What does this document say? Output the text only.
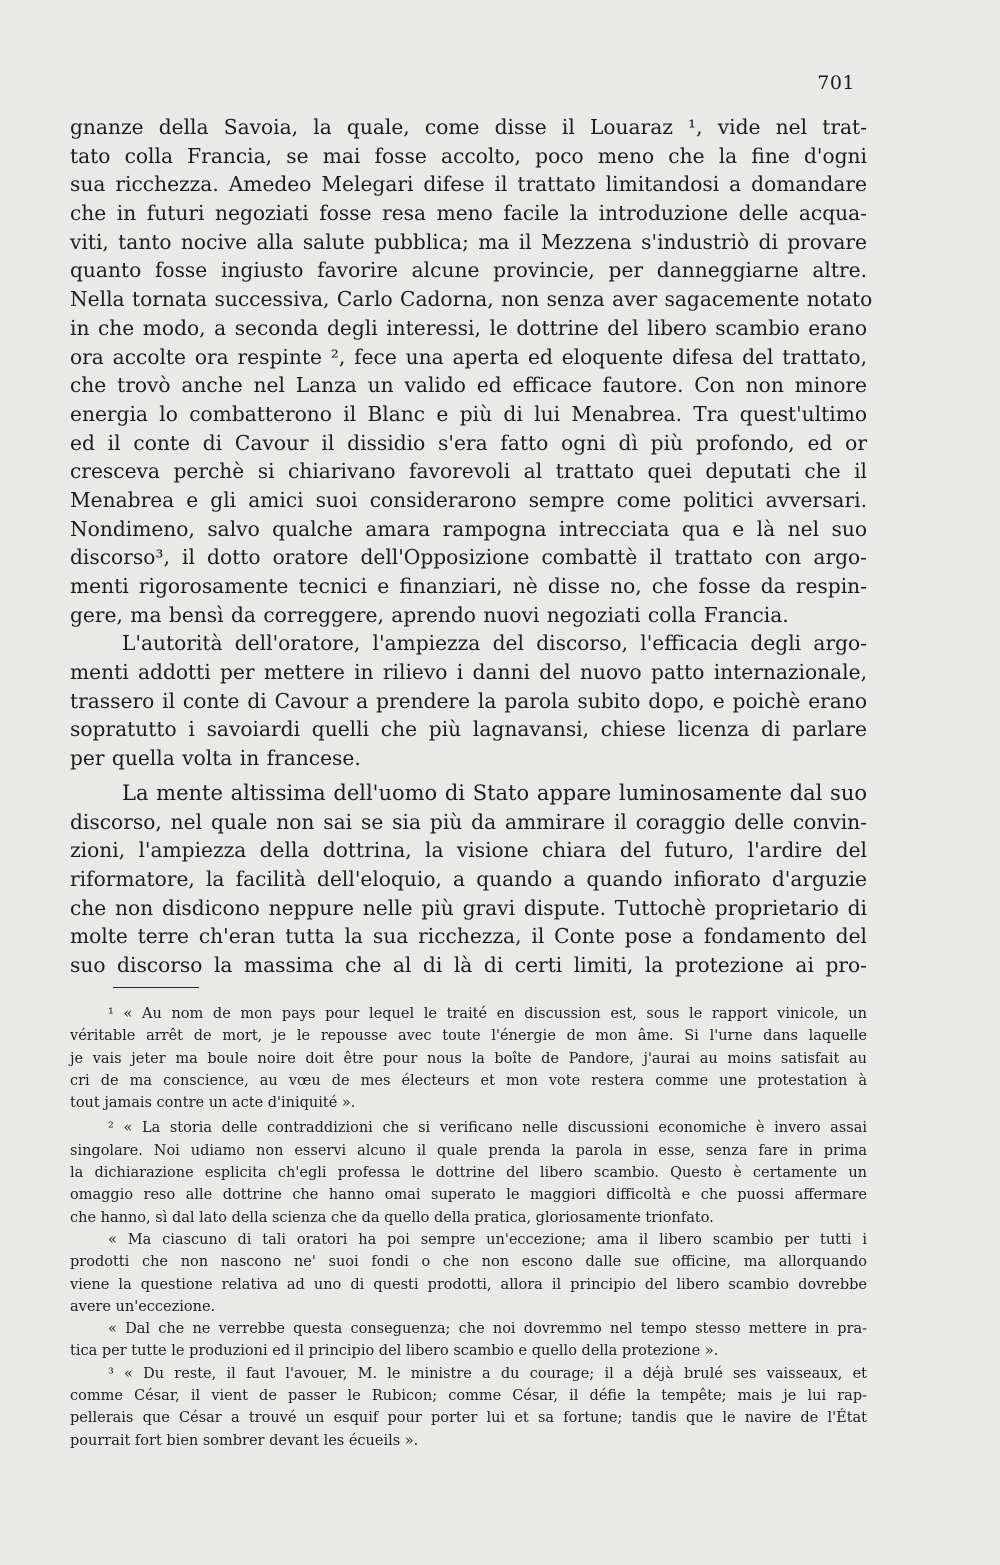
701
gnanze della Savoia, la quale, come disse il Louaraz ¹, vide nel trat-
tato colla Francia, se mai fosse accolto, poco meno che la fine d'ogni
sua ricchezza. Amedeo Melegari difese il trattato limitandosi a domandare
che in futuri negoziati fosse resa meno facile la introduzione delle acqua-
viti, tanto nocive alla salute pubblica; ma il Mezzena s'industriò di provare
quanto fosse ingiusto favorire alcune provincie, per danneggiarne altre.
Nella tornata successiva, Carlo Cadorna, non senza aver sagacemente notato
in che modo, a seconda degli interessi, le dottrine del libero scambio erano
ora accolte ora respinte ², fece una aperta ed eloquente difesa del trattato,
che trovò anche nel Lanza un valido ed efficace fautore. Con non minore
energia lo combatterono il Blanc e più di lui Menabrea. Tra quest'ultimo
ed il conte di Cavour il dissidio s'era fatto ogni dì più profondo, ed or
cresceva perchè si chiarivano favorevoli al trattato quei deputati che il
Menabrea e gli amici suoi considerarono sempre come politici avversari.
Nondimeno, salvo qualche amara rampogna intrecciata qua e là nel suo
discorso³, il dotto oratore dell'Opposizione combattè il trattato con argo-
menti rigorosamente tecnici e finanziari, nè disse no, che fosse da respin-
gere, ma bensì da correggere, aprendo nuovi negoziati colla Francia.
L'autorità dell'oratore, l'ampiezza del discorso, l'efficacia degli argo-
menti addotti per mettere in rilievo i danni del nuovo patto internazionale,
trassero il conte di Cavour a prendere la parola subito dopo, e poichè erano
sopratutto i savoiardi quelli che più lagnavansi, chiese licenza di parlare
per quella volta in francese.
La mente altissima dell'uomo di Stato appare luminosamente dal suo
discorso, nel quale non sai se sia più da ammirare il coraggio delle convin-
zioni, l'ampiezza della dottrina, la visione chiara del futuro, l'ardire del
riformatore, la facilità dell'eloquio, a quando a quando infiorato d'arguzie
che non disdicono neppure nelle più gravi dispute. Tuttochè proprietario di
molte terre ch'eran tutta la sua ricchezza, il Conte pose a fondamento del
suo discorso la massima che al di là di certi limiti, la protezione ai pro-
¹ « Au nom de mon pays pour lequel le traité en discussion est, sous le rapport vinicole, un
véritable arrêt de mort, je le repousse avec toute l'énergie de mon âme. Si l'urne dans laquelle
je vais jeter ma boule noire doit être pour nous la boîte de Pandore, j'aurai au moins satisfait au
cri de ma conscience, au vœu de mes électeurs et mon vote restera comme une protestation à
tout jamais contre un acte d'iniquité ».
² « La storia delle contraddizioni che si verificano nelle discussioni economiche è invero assai
singolare. Noi udiamo non esservi alcuno il quale prenda la parola in esse, senza fare in prima
la dichiarazione esplicita ch'egli professa le dottrine del libero scambio. Questo è certamente un
omaggio reso alle dottrine che hanno omai superato le maggiori difficoltà e che puossi affermare
che hanno, sì dal lato della scienza che da quello della pratica, gloriosamente trionfato.
« Ma ciascuno di tali oratori ha poi sempre un'eccezione; ama il libero scambio per tutti i
prodotti che non nascono ne' suoi fondi o che non escono dalle sue officine, ma allorquando
viene la questione relativa ad uno di questi prodotti, allora il principio del libero scambio dovrebbe
avere un'eccezione.
« Dal che ne verrebbe questa conseguenza; che noi dovremmo nel tempo stesso mettere in pra-
tica per tutte le produzioni ed il principio del libero scambio e quello della protezione ».
³ « Du reste, il faut l'avouer, M. le ministre a du courage; il a déjà brulé ses vaisseaux, et
comme César, il vient de passer le Rubicon; comme César, il défie la tempête; mais je lui rap-
pellerais que César a trouvé un esquif pour porter lui et sa fortune; tandis que le navire de l'État
pourrait fort bien sombrer devant les écueils ».
